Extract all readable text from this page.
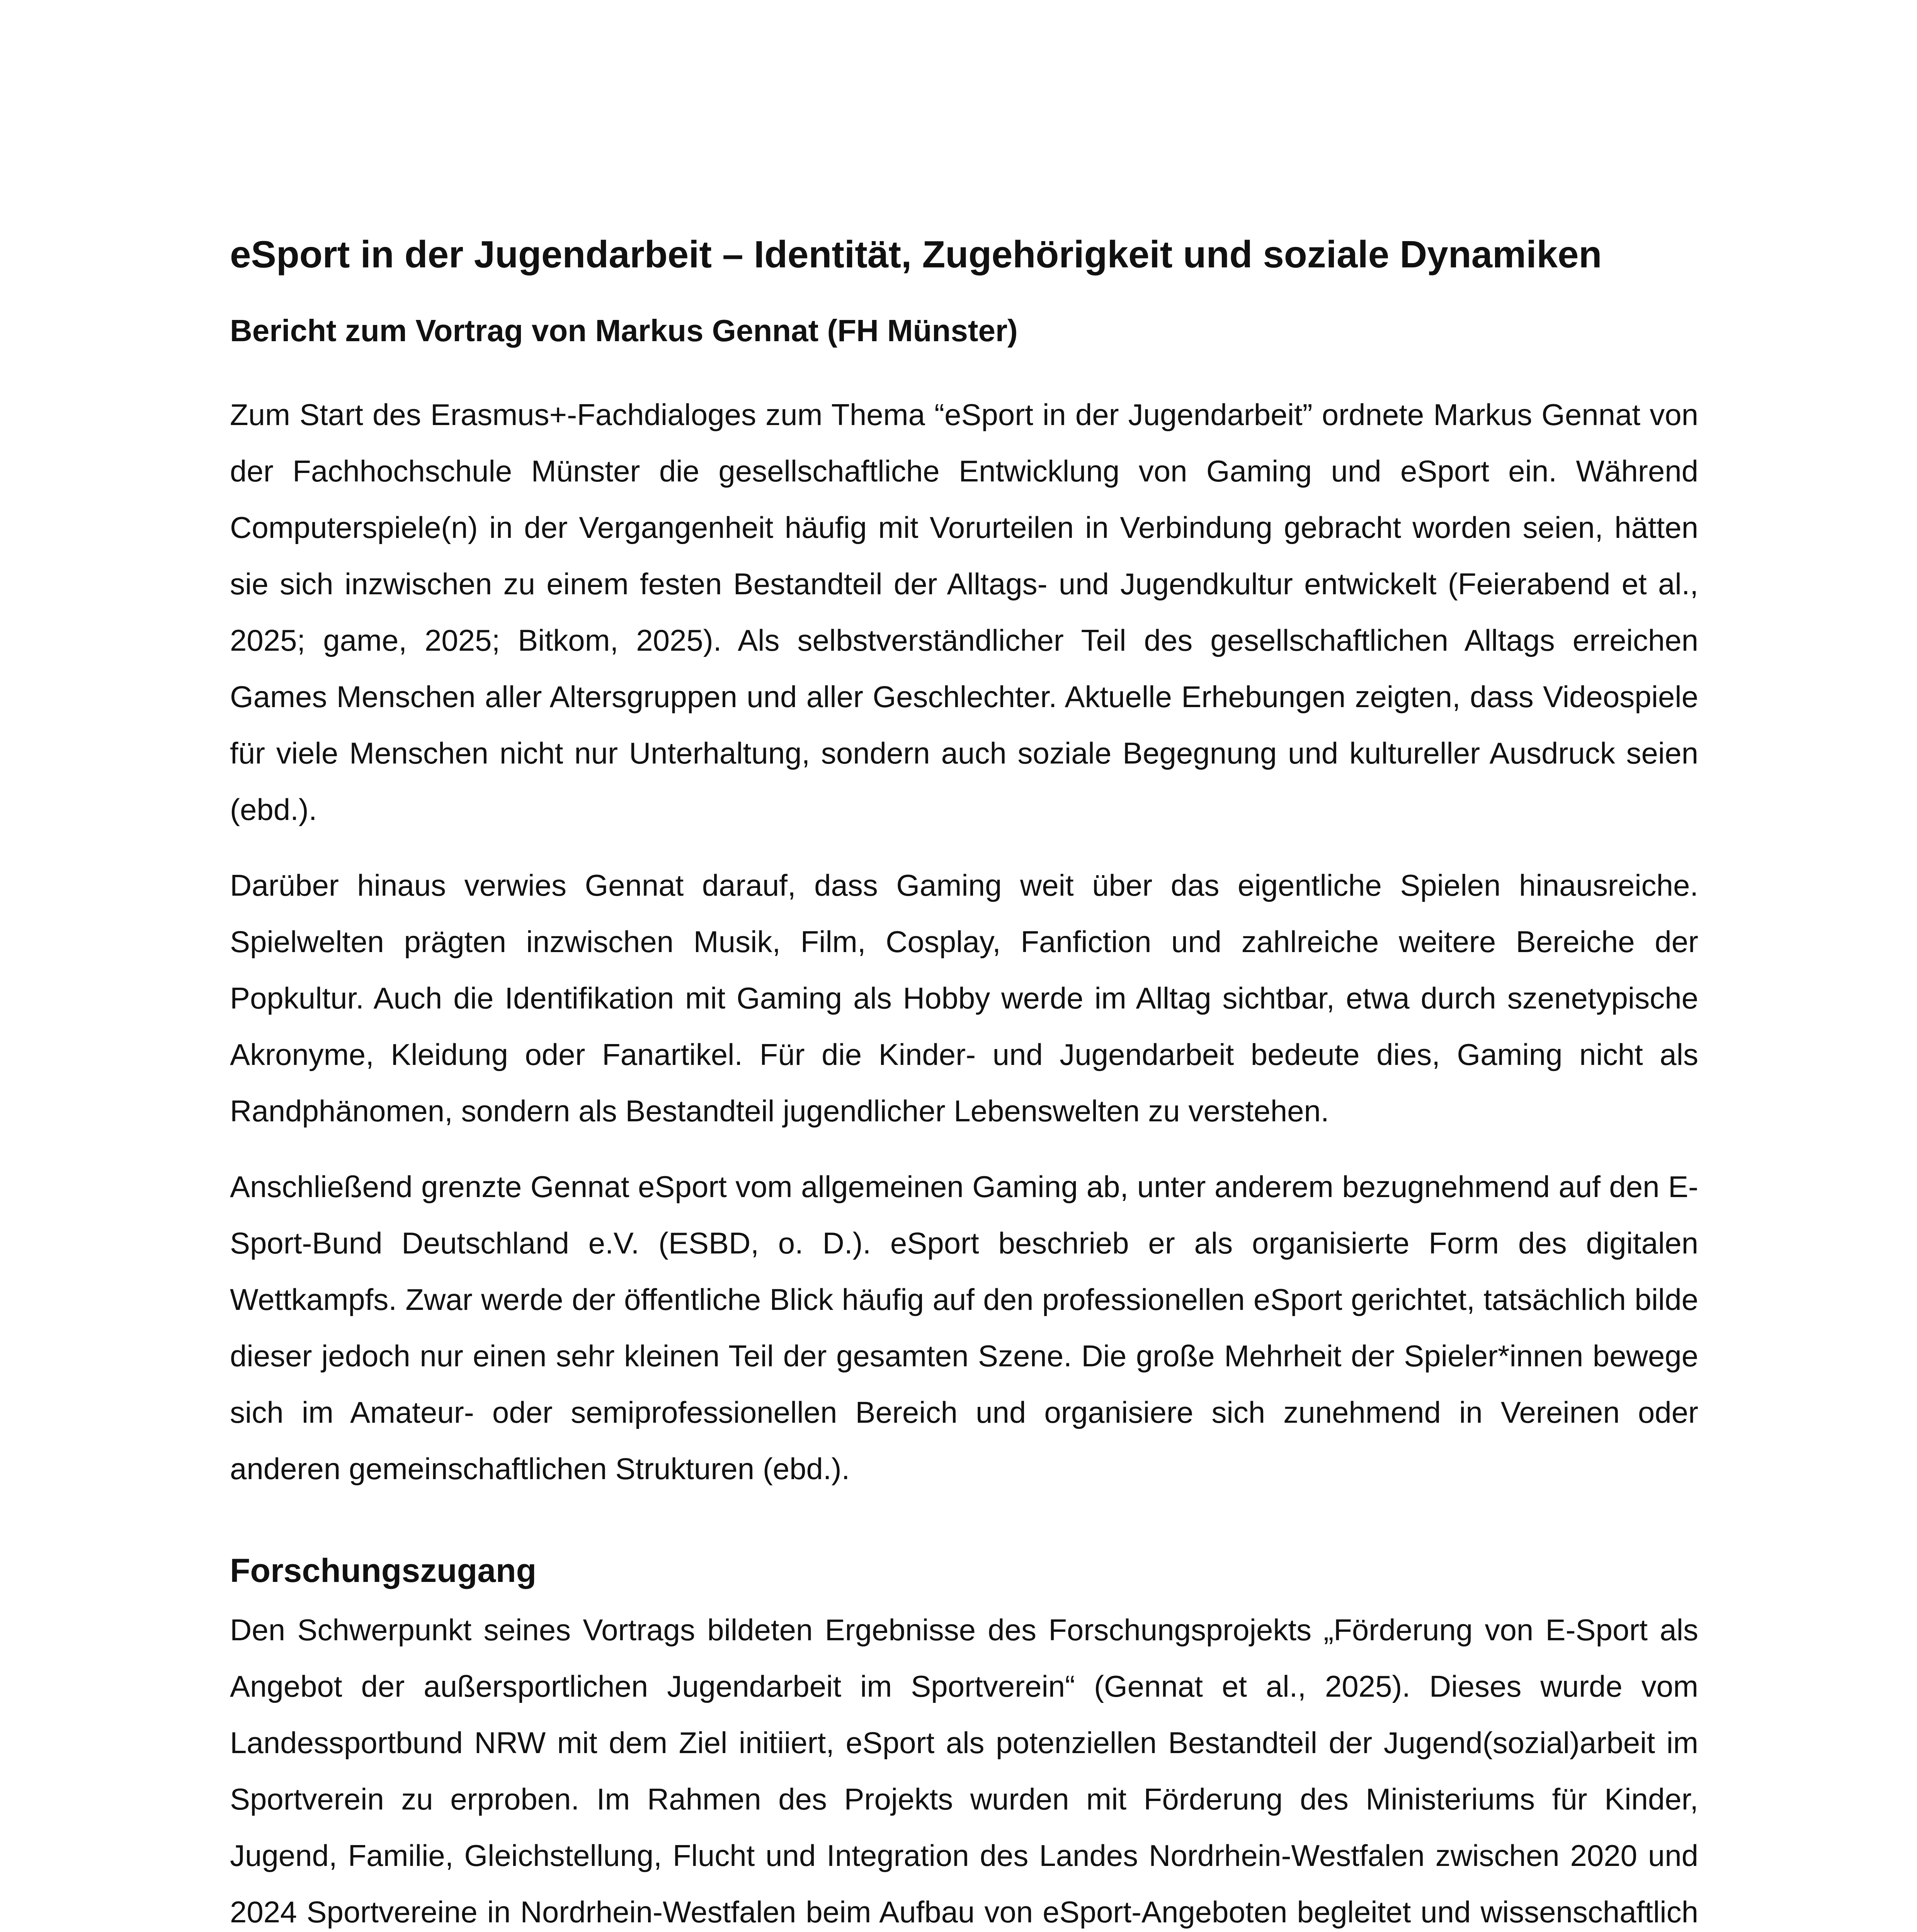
eSport in der Jugendarbeit – Identität, Zugehörigkeit und soziale Dynamiken
Bericht zum Vortrag von Markus Gennat (FH Münster)

Zum Start des Erasmus+-Fachdialoges zum Thema “eSport in der Jugendarbeit” ordnete Markus Gennat von der Fachhochschule Münster die gesellschaftliche Entwicklung von Gaming und eSport ein. Während Computerspiele(n) in der Vergangenheit häufig mit Vorurteilen in Verbindung gebracht worden seien, hätten sie sich inzwischen zu einem festen Bestandteil der Alltags- und Jugendkultur entwickelt (Feierabend et al., 2025; game, 2025; Bitkom, 2025). Als selbstverständlicher Teil des gesellschaftlichen Alltags erreichen Games Menschen aller Altersgruppen und aller Geschlechter. Aktuelle Erhebungen zeigten, dass Videospiele für viele Menschen nicht nur Unterhaltung, sondern auch soziale Begegnung und kultureller Ausdruck seien (ebd.).

Darüber hinaus verwies Gennat darauf, dass Gaming weit über das eigentliche Spielen hinausreiche. Spielwelten prägten inzwischen Musik, Film, Cosplay, Fanfiction und zahlreiche weitere Bereiche der Popkultur. Auch die Identifikation mit Gaming als Hobby werde im Alltag sichtbar, etwa durch szenetypische Akronyme, Kleidung oder Fanartikel. Für die Kinder- und Jugendarbeit bedeute dies, Gaming nicht als Randphänomen, sondern als Bestandteil jugendlicher Lebenswelten zu verstehen.

Anschließend grenzte Gennat eSport vom allgemeinen Gaming ab, unter anderem bezugnehmend auf den E-Sport-Bund Deutschland e.V. (ESBD, o. D.). eSport beschrieb er als organisierte Form des digitalen Wettkampfs. Zwar werde der öffentliche Blick häufig auf den professionellen eSport gerichtet, tatsächlich bilde dieser jedoch nur einen sehr kleinen Teil der gesamten Szene. Die große Mehrheit der Spieler*innen bewege sich im Amateur- oder semiprofessionellen Bereich und organisiere sich zunehmend in Vereinen oder anderen gemeinschaftlichen Strukturen (ebd.).

Forschungszugang

Den Schwerpunkt seines Vortrags bildeten Ergebnisse des Forschungsprojekts „Förderung von E-Sport als Angebot der außersportlichen Jugendarbeit im Sportverein“ (Gennat et al., 2025). Dieses wurde vom Landessportbund NRW mit dem Ziel initiiert, eSport als potenziellen Bestandteil der Jugend(sozial)arbeit im Sportverein zu erproben. Im Rahmen des Projekts wurden mit Förderung des Ministeriums für Kinder, Jugend, Familie, Gleichstellung, Flucht und Integration des Landes Nordrhein-Westfalen zwischen 2020 und 2024 Sportvereine in Nordrhein-Westfalen beim Aufbau von eSport-Angeboten begleitet und wissenschaftlich
